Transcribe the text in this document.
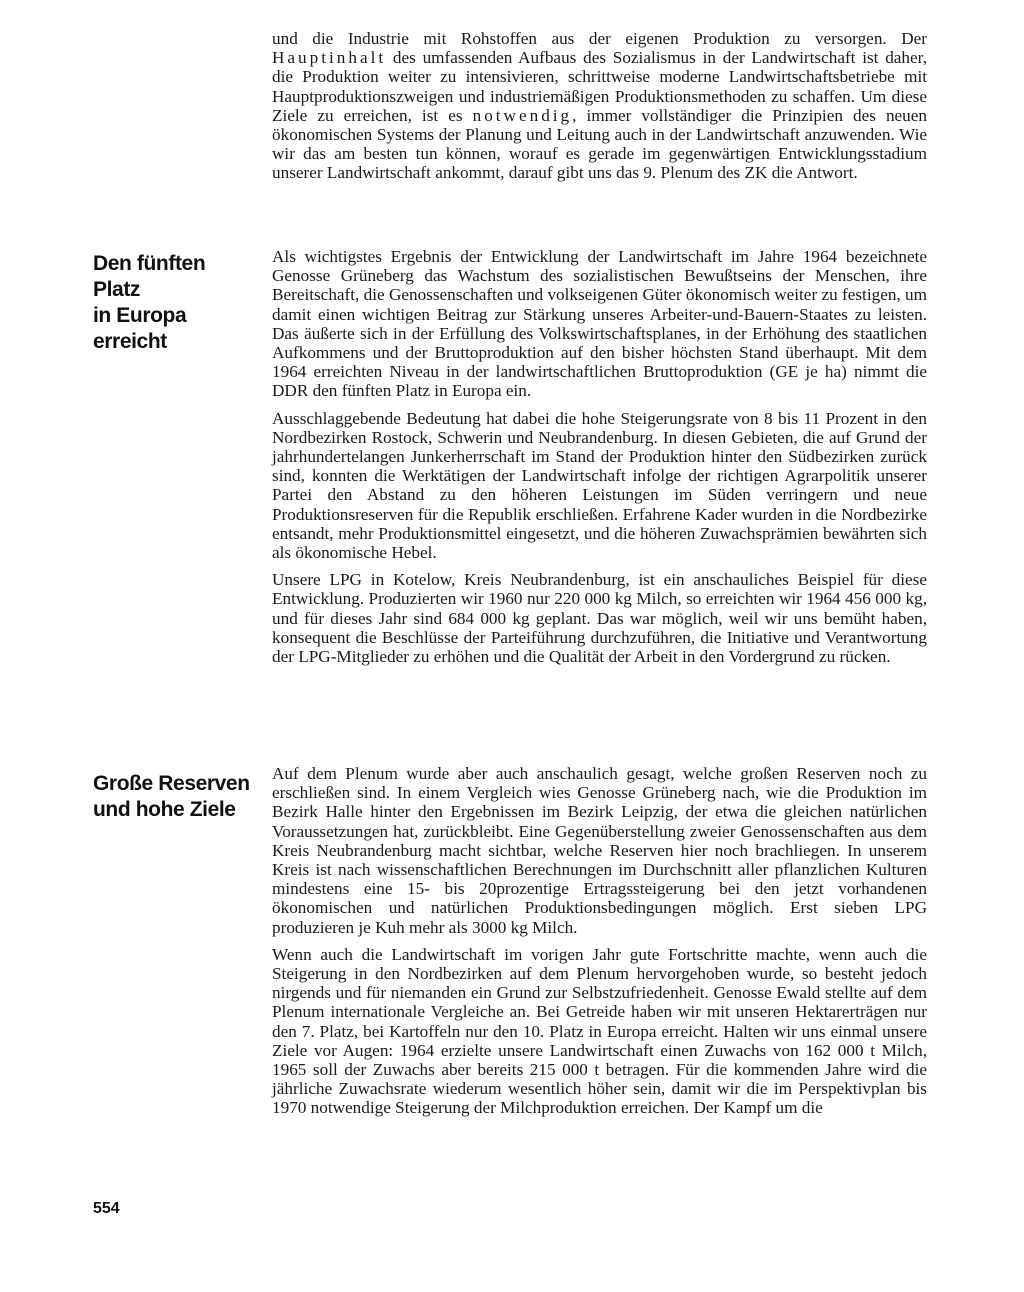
Den fünften
Platz
in Europa
erreicht
Große Reserven
und hohe Ziele

und die Industrie mit Rohstoffen aus der eigenen Produktion zu versorgen. Der Hauptinhalt des umfassenden Aufbaus des Sozialismus in der Landwirtschaft ist daher, die Produktion weiter zu intensivieren, schrittweise moderne Landwirtschaftsbetriebe mit Hauptproduktionszweigen und industriemäßigen Produktionsmethoden zu schaffen. Um diese Ziele zu erreichen, ist es notwendig, immer vollständiger die Prinzipien des neuen ökonomischen Systems der Planung und Leitung auch in der Landwirtschaft anzuwenden. Wie wir das am besten tun können, worauf es gerade im gegenwärtigen Entwicklungsstadium unserer Landwirtschaft ankommt, darauf gibt uns das 9. Plenum des ZK die Antwort.

Als wichtigstes Ergebnis der Entwicklung der Landwirtschaft im Jahre 1964 bezeichnete Genosse Grüneberg das Wachstum des sozialistischen Bewußtseins der Menschen, ihre Bereitschaft, die Genossenschaften und volkseigenen Güter ökonomisch weiter zu festigen, um damit einen wichtigen Beitrag zur Stärkung unseres Arbeiter-und-Bauern-Staates zu leisten. Das äußerte sich in der Erfüllung des Volkswirtschaftsplanes, in der Erhöhung des staatlichen Aufkommens und der Bruttoproduktion auf den bisher höchsten Stand überhaupt. Mit dem 1964 erreichten Niveau in der landwirtschaftlichen Bruttoproduktion (GE je ha) nimmt die DDR den fünften Platz in Europa ein.

Ausschlaggebende Bedeutung hat dabei die hohe Steigerungsrate von 8 bis 11 Prozent in den Nordbezirken Rostock, Schwerin und Neubrandenburg. In diesen Gebieten, die auf Grund der jahrhundertelangen Junkerherrschaft im Stand der Produktion hinter den Südbezirken zurück sind, konnten die Werktätigen der Landwirtschaft infolge der richtigen Agrarpolitik unserer Partei den Abstand zu den höheren Leistungen im Süden verringern und neue Produktionsreserven für die Republik erschließen. Erfahrene Kader wurden in die Nordbezirke entsandt, mehr Produktionsmittel eingesetzt, und die höheren Zuwachsprämien bewährten sich als ökonomische Hebel.

Unsere LPG in Kotelow, Kreis Neubrandenburg, ist ein anschauliches Beispiel für diese Entwicklung. Produzierten wir 1960 nur 220 000 kg Milch, so erreichten wir 1964 456 000 kg, und für dieses Jahr sind 684 000 kg geplant. Das war möglich, weil wir uns bemüht haben, konsequent die Beschlüsse der Parteiführung durchzuführen, die Initiative und Verantwortung der LPG-Mitglieder zu erhöhen und die Qualität der Arbeit in den Vordergrund zu rücken.

Auf dem Plenum wurde aber auch anschaulich gesagt, welche großen Reserven noch zu erschließen sind. In einem Vergleich wies Genosse Grüneberg nach, wie die Produktion im Bezirk Halle hinter den Ergebnissen im Bezirk Leipzig, der etwa die gleichen natürlichen Voraussetzungen hat, zurückbleibt. Eine Gegenüberstellung zweier Genossenschaften aus dem Kreis Neubrandenburg macht sichtbar, welche Reserven hier noch brachliegen. In unserem Kreis ist nach wissenschaftlichen Berechnungen im Durchschnitt aller pflanzlichen Kulturen mindestens eine 15- bis 20prozentige Ertragssteigerung bei den jetzt vorhandenen ökonomischen und natürlichen Produktionsbedingungen möglich. Erst sieben LPG produzieren je Kuh mehr als 3000 kg Milch.

Wenn auch die Landwirtschaft im vorigen Jahr gute Fortschritte machte, wenn auch die Steigerung in den Nordbezirken auf dem Plenum hervorgehoben wurde, so besteht jedoch nirgends und für niemanden ein Grund zur Selbstzufriedenheit. Genosse Ewald stellte auf dem Plenum internationale Vergleiche an. Bei Getreide haben wir mit unseren Hektarerträgen nur den 7. Platz, bei Kartoffeln nur den 10. Platz in Europa erreicht. Halten wir uns einmal unsere Ziele vor Augen: 1964 erzielte unsere Landwirtschaft einen Zuwachs von 162 000 t Milch, 1965 soll der Zuwachs aber bereits 215 000 t betragen. Für die kommenden Jahre wird die jährliche Zuwachsrate wiederum wesentlich höher sein, damit wir die im Perspektivplan bis 1970 notwendige Steigerung der Milchproduktion erreichen. Der Kampf um die

554
